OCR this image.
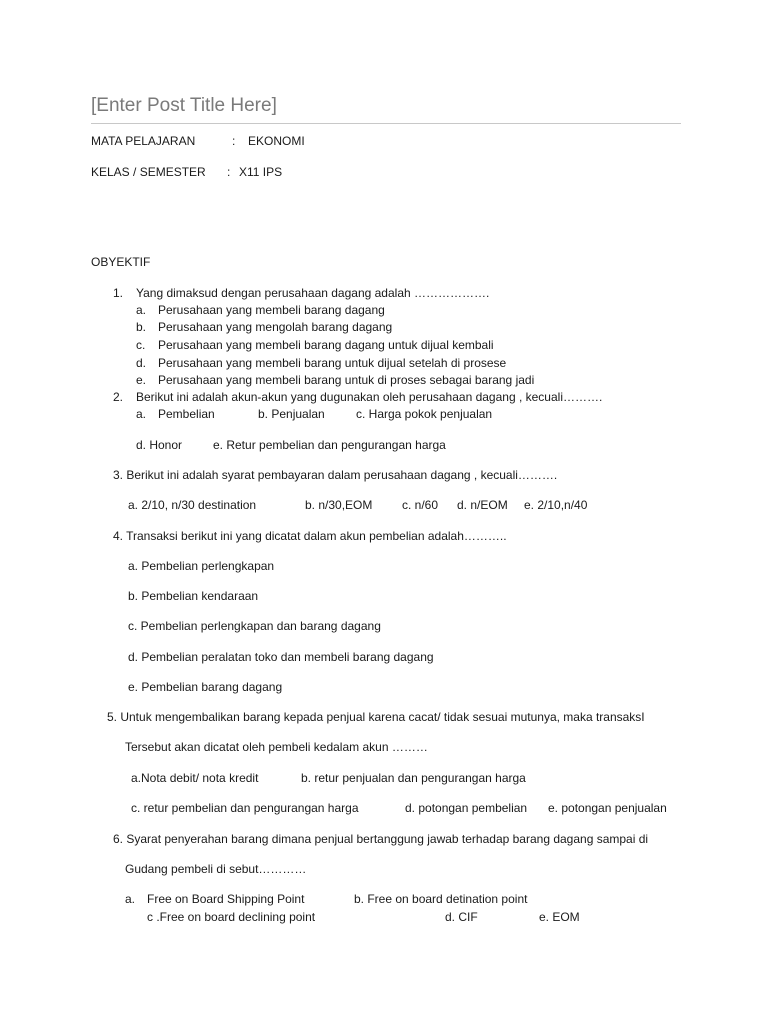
[Enter Post Title Here]
MATA PELAJARAN	: EKONOMI
KELAS / SEMESTER : X11 IPS
OBYEKTIF
1. Yang dimaksud dengan perusahaan dagang adalah ……………….
a. Perusahaan yang membeli barang dagang
b. Perusahaan yang mengolah barang dagang
c. Perusahaan yang membeli barang dagang untuk dijual kembali
d. Perusahaan yang membeli barang untuk dijual setelah di prosese
e. Perusahaan yang membeli barang untuk di proses sebagai barang jadi
2. Berikut ini adalah akun-akun yang dugunakan oleh perusahaan dagang , kecuali……….
a. Pembelian	b. Penjualan	c. Harga pokok penjualan
d. Honor	e. Retur pembelian dan pengurangan harga
3. Berikut ini adalah syarat pembayaran dalam perusahaan dagang , kecuali……….
a. 2/10, n/30 destination	b. n/30,EOM c. n/60 d. n/EOM e. 2/10,n/40
4. Transaksi berikut ini yang dicatat dalam akun pembelian adalah………..
a. Pembelian perlengkapan
b. Pembelian kendaraan
c. Pembelian perlengkapan dan barang dagang
d. Pembelian peralatan toko dan membeli barang dagang
e. Pembelian barang dagang
5. Untuk mengembalikan barang kepada penjual karena cacat/ tidak sesuai mutunya, maka transaksI
Tersebut akan dicatat oleh pembeli kedalam akun ………
a.Nota debit/ nota kredit	b. retur penjualan dan pengurangan harga
c. retur pembelian dan pengurangan harga	d. potongan pembelian e. potongan penjualan
6. Syarat penyerahan barang dimana penjual bertanggung jawab terhadap barang dagang sampai di
Gudang pembeli di sebut…………
a. Free on Board Shipping Point	b. Free on board detination point
c .Free on board declining point	d. CIF	e. EOM
